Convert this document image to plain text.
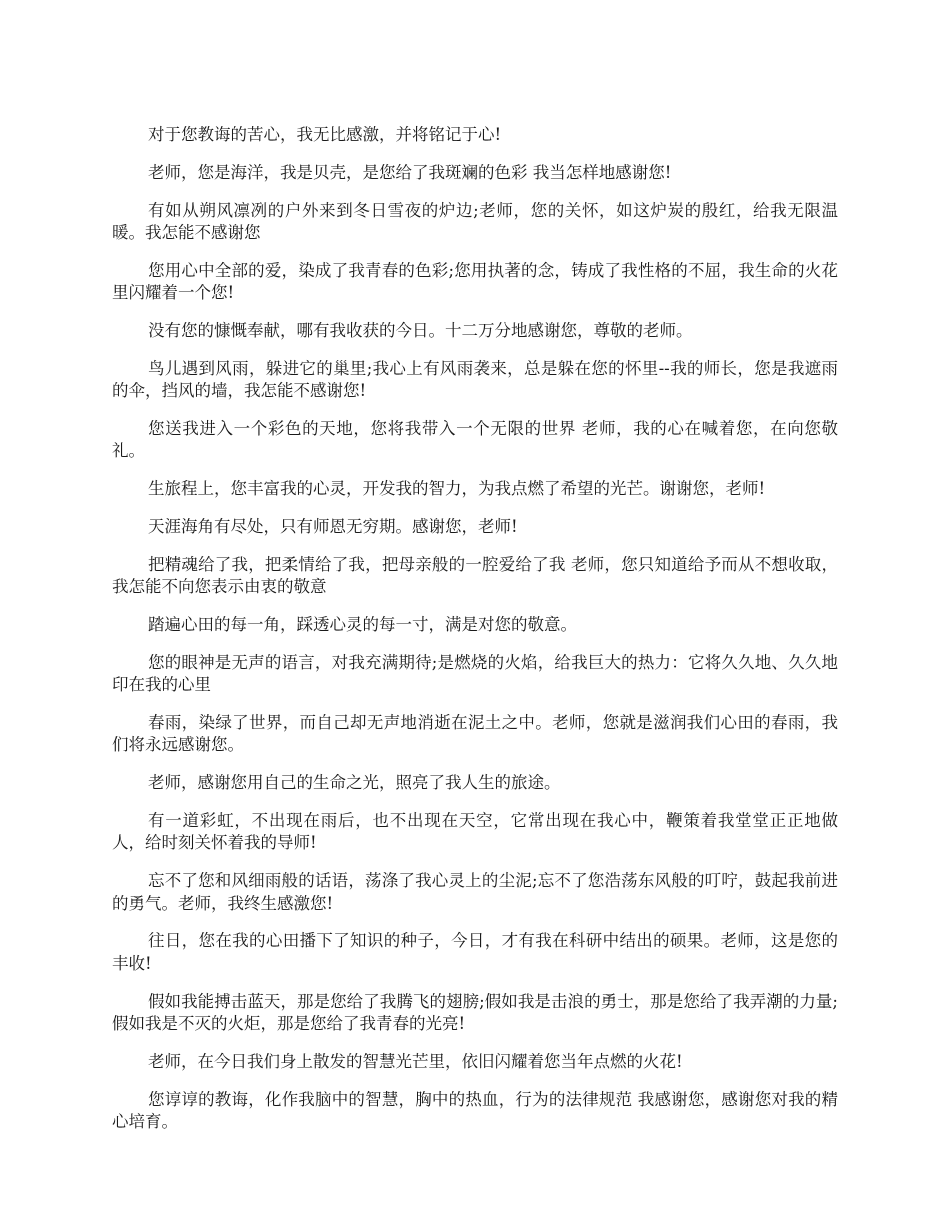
对于您教诲的苦心，我无比感激，并将铭记于心!

老师，您是海洋，我是贝壳，是您给了我斑斓的色彩 我当怎样地感谢您!

有如从朔风凛冽的户外来到冬日雪夜的炉边;老师，您的关怀，如这炉炭的殷红，给我无限温暖。我怎能不感谢您

您用心中全部的爱，染成了我青春的色彩;您用执著的念，铸成了我性格的不屈，我生命的火花里闪耀着一个您!

没有您的慷慨奉献，哪有我收获的今日。十二万分地感谢您，尊敬的老师。

鸟儿遇到风雨，躲进它的巢里;我心上有风雨袭来，总是躲在您的怀里--我的师长，您是我遮雨的伞，挡风的墙，我怎能不感谢您!

您送我进入一个彩色的天地，您将我带入一个无限的世界 老师，我的心在喊着您，在向您敬礼。

生旅程上，您丰富我的心灵，开发我的智力，为我点燃了希望的光芒。谢谢您，老师!

天涯海角有尽处，只有师恩无穷期。感谢您，老师!

把精魂给了我，把柔情给了我，把母亲般的一腔爱给了我 老师，您只知道给予而从不想收取，我怎能不向您表示由衷的敬意

踏遍心田的每一角，踩透心灵的每一寸，满是对您的敬意。

您的眼神是无声的语言，对我充满期待;是燃烧的火焰，给我巨大的热力：它将久久地、久久地印在我的心里

春雨，染绿了世界，而自己却无声地消逝在泥土之中。老师，您就是滋润我们心田的春雨，我们将永远感谢您。

老师，感谢您用自己的生命之光，照亮了我人生的旅途。

有一道彩虹，不出现在雨后，也不出现在天空，它常出现在我心中，鞭策着我堂堂正正地做人，给时刻关怀着我的导师!

忘不了您和风细雨般的话语，荡涤了我心灵上的尘泥;忘不了您浩荡东风般的叮咛，鼓起我前进的勇气。老师，我终生感激您!

往日，您在我的心田播下了知识的种子，今日，才有我在科研中结出的硕果。老师，这是您的丰收!

假如我能搏击蓝天，那是您给了我腾飞的翅膀;假如我是击浪的勇士，那是您给了我弄潮的力量;假如我是不灭的火炬，那是您给了我青春的光亮!

老师，在今日我们身上散发的智慧光芒里，依旧闪耀着您当年点燃的火花!

您谆谆的教诲，化作我脑中的智慧，胸中的热血，行为的法律规范 我感谢您，感谢您对我的精心培育。
